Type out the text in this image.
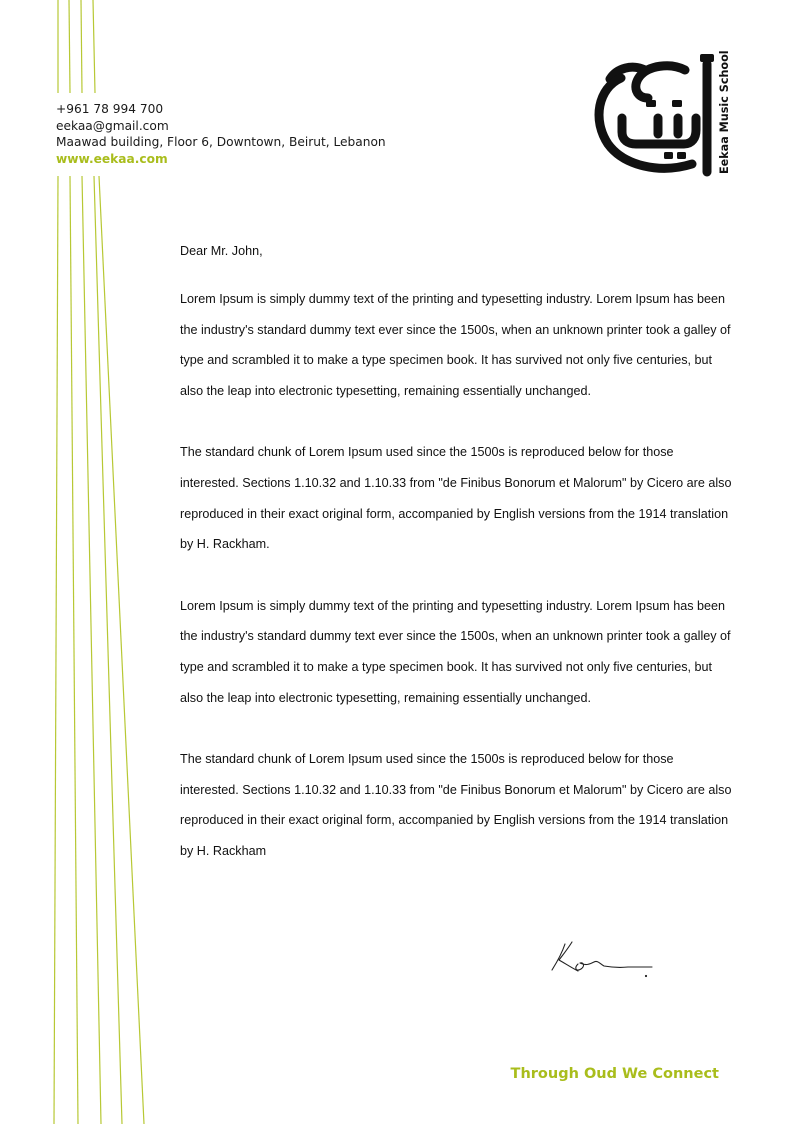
+961 78 994 700
eekaa@gmail.com
Maawad building, Floor 6, Downtown, Beirut, Lebanon
www.eekaa.com	Eekaa Music School
Dear Mr. John,
Lorem Ipsum is simply dummy text of the printing and typesetting industry. Lorem Ipsum has been the industry's standard dummy text ever since the 1500s, when an unknown printer took a galley of type and scrambled it to make a type specimen book. It has survived not only five centuries, but also the leap into electronic typesetting, remaining essentially unchanged.
The standard chunk of Lorem Ipsum used since the 1500s is reproduced below for those interested. Sections 1.10.32 and 1.10.33 from "de Finibus Bonorum et Malorum" by Cicero are also reproduced in their exact original form, accompanied by English versions from the 1914 translation by H. Rackham.
Lorem Ipsum is simply dummy text of the printing and typesetting industry. Lorem Ipsum has been the industry's standard dummy text ever since the 1500s, when an unknown printer took a galley of type and scrambled it to make a type specimen book. It has survived not only five centuries, but also the leap into electronic typesetting, remaining essentially unchanged.
The standard chunk of Lorem Ipsum used since the 1500s is reproduced below for those interested. Sections 1.10.32 and 1.10.33 from "de Finibus Bonorum et Malorum" by Cicero are also reproduced in their exact original form, accompanied by English versions from the 1914 translation by H. Rackham
Through Oud We Connect
